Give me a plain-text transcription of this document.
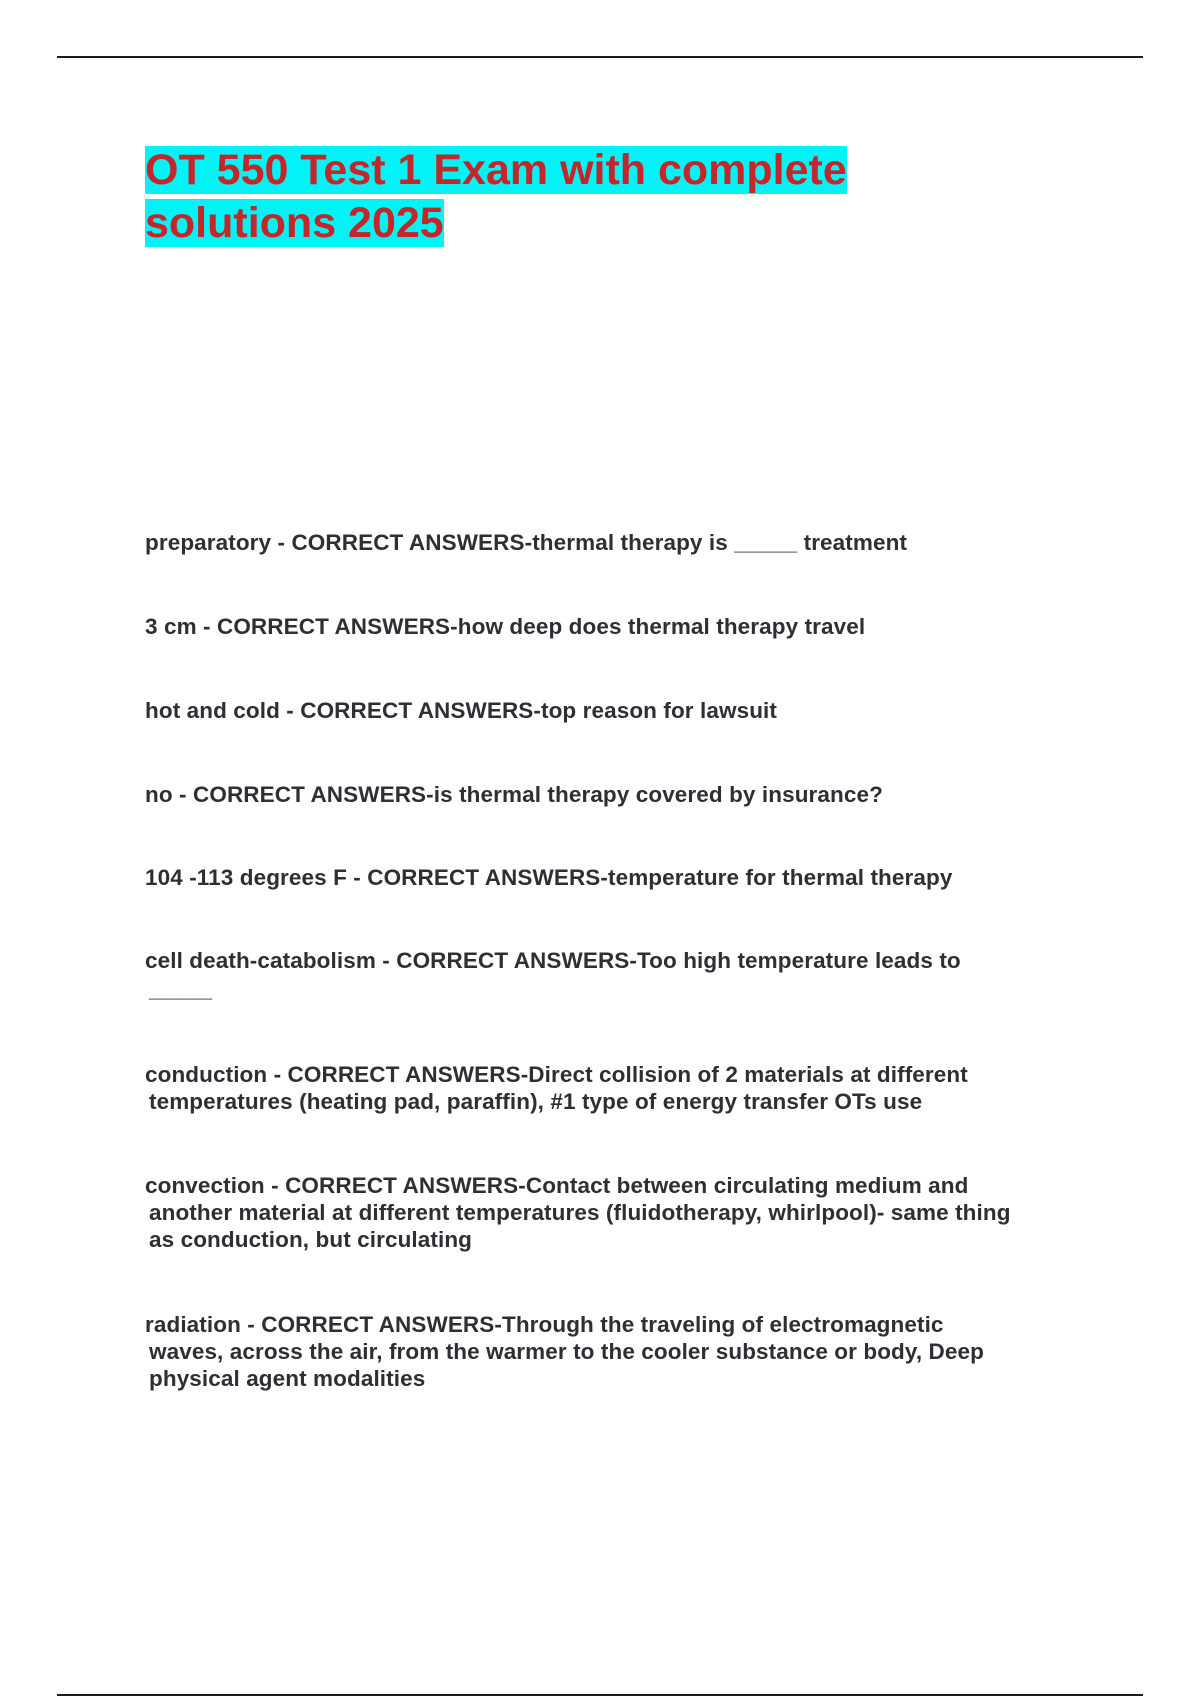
OT 550 Test 1 Exam with complete
solutions 2025

preparatory - CORRECT ANSWERS-thermal therapy is _____ treatment

3 cm - CORRECT ANSWERS-how deep does thermal therapy travel

hot and cold - CORRECT ANSWERS-top reason for lawsuit

no - CORRECT ANSWERS-is thermal therapy covered by insurance?

104 -113 degrees F - CORRECT ANSWERS-temperature for thermal therapy

cell death-catabolism - CORRECT ANSWERS-Too high temperature leads to
_____

conduction - CORRECT ANSWERS-Direct collision of 2 materials at different
temperatures (heating pad, paraffin), #1 type of energy transfer OTs use

convection - CORRECT ANSWERS-Contact between circulating medium and
another material at different temperatures (fluidotherapy, whirlpool)- same thing
as conduction, but circulating

radiation - CORRECT ANSWERS-Through the traveling of electromagnetic
waves, across the air, from the warmer to the cooler substance or body, Deep
physical agent modalities
